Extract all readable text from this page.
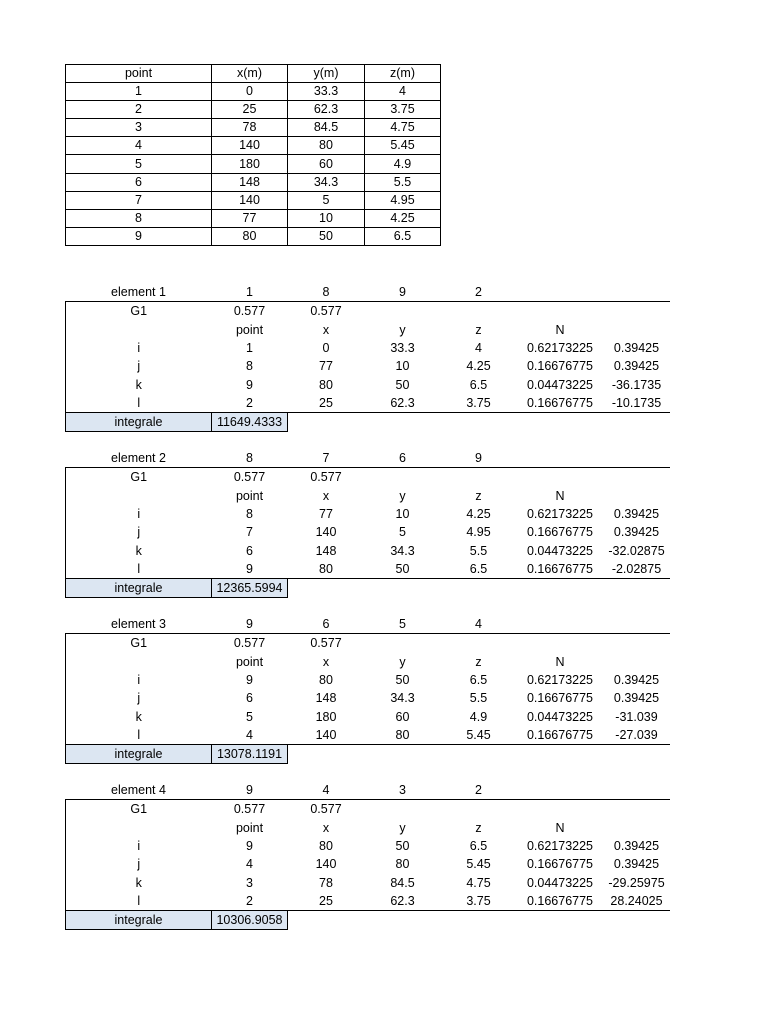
point	x(m)	y(m)	z(m)
1	0	33.3	4
2	25	62.3	3.75
3	78	84.5	4.75
4	140	80	5.45
5	180	60	4.9
6	148	34.3	5.5
7	140	5	4.95
8	77	10	4.25
9	80	50	6.5
element 1	1	8	9	2		
G1	0.577	0.577				
	point	x	y	z	N	
i	1	0	33.3	4	0.62173225	0.39425
j	8	77	10	4.25	0.16676775	0.39425
k	9	80	50	6.5	0.04473225	-36.1735
l	2	25	62.3	3.75	0.16676775	-10.1735
integrale	11649.4333					
element 2	8	7	6	9		
G1	0.577	0.577				
	point	x	y	z	N	
i	8	77	10	4.25	0.62173225	0.39425
j	7	140	5	4.95	0.16676775	0.39425
k	6	148	34.3	5.5	0.04473225	-32.02875
l	9	80	50	6.5	0.16676775	-2.02875
integrale	12365.5994					
element 3	9	6	5	4		
G1	0.577	0.577				
	point	x	y	z	N	
i	9	80	50	6.5	0.62173225	0.39425
j	6	148	34.3	5.5	0.16676775	0.39425
k	5	180	60	4.9	0.04473225	-31.039
l	4	140	80	5.45	0.16676775	-27.039
integrale	13078.1191					
element 4	9	4	3	2		
G1	0.577	0.577				
	point	x	y	z	N	
i	9	80	50	6.5	0.62173225	0.39425
j	4	140	80	5.45	0.16676775	0.39425
k	3	78	84.5	4.75	0.04473225	-29.25975
l	2	25	62.3	3.75	0.16676775	28.24025
integrale	10306.9058					
